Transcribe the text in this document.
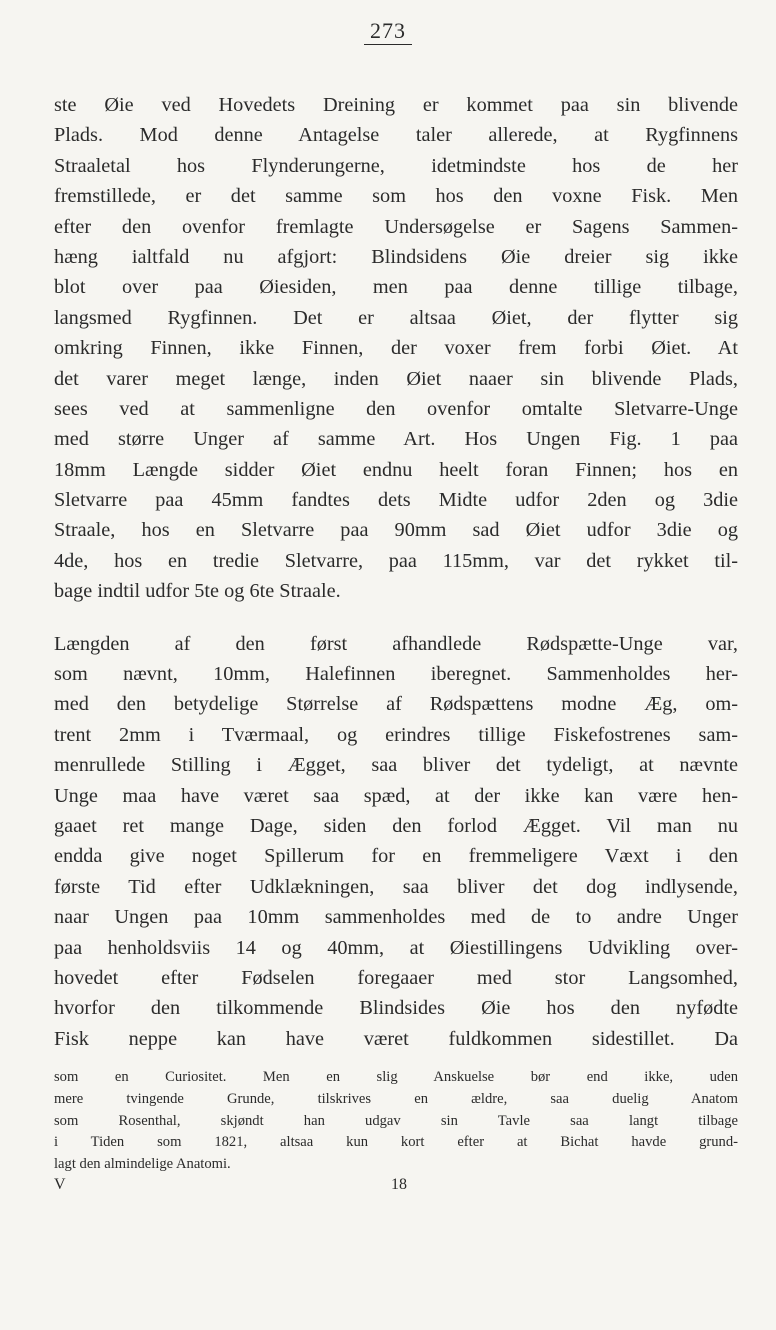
273
ste Øie ved Hovedets Dreining er kommet paa sin blivende
Plads. Mod denne Antagelse taler allerede, at Rygfinnens
Straaletal hos Flynderungerne, idetmindste hos de her
fremstillede, er det samme som hos den voxne Fisk. Men
efter den ovenfor fremlagte Undersøgelse er Sagens Sammen-
hæng ialtfald nu afgjort: Blindsidens Øie dreier sig ikke
blot over paa Øiesiden, men paa denne tillige tilbage,
langsmed Rygfinnen. Det er altsaa Øiet, der flytter sig
omkring Finnen, ikke Finnen, der voxer frem forbi Øiet. At
det varer meget længe, inden Øiet naaer sin blivende Plads,
sees ved at sammenligne den ovenfor omtalte Sletvarre-Unge
med større Unger af samme Art. Hos Ungen Fig. 1 paa
18mm Længde sidder Øiet endnu heelt foran Finnen; hos en
Sletvarre paa 45mm fandtes dets Midte udfor 2den og 3die
Straale, hos en Sletvarre paa 90mm sad Øiet udfor 3die og
4de, hos en tredie Sletvarre, paa 115mm, var det rykket til-
bage indtil udfor 5te og 6te Straale.
Længden af den først afhandlede Rødspætte-Unge var,
som nævnt, 10mm, Halefinnen iberegnet. Sammenholdes her-
med den betydelige Størrelse af Rødspættens modne Æg, om-
trent 2mm i Tværmaal, og erindres tillige Fiskefostrenes sam-
menrullede Stilling i Ægget, saa bliver det tydeligt, at nævnte
Unge maa have været saa spæd, at der ikke kan være hen-
gaaet ret mange Dage, siden den forlod Ægget. Vil man nu
endda give noget Spillerum for en fremmeligere Væxt i den
første Tid efter Udklækningen, saa bliver det dog indlysende,
naar Ungen paa 10mm sammenholdes med de to andre Unger
paa henholdsviis 14 og 40mm, at Øiestillingens Udvikling over-
hovedet efter Fødselen foregaaer med stor Langsomhed,
hvorfor den tilkommende Blindsides Øie hos den nyfødte
Fisk neppe kan have været fuldkommen sidestillet. Da
som en Curiositet. Men en slig Anskuelse bør end ikke, uden
mere tvingende Grunde, tilskrives en ældre, saa duelig Anatom
som Rosenthal, skjøndt han udgav sin Tavle saa langt tilbage
i Tiden som 1821, altsaa kun kort efter at Bichat havde grund-
lagt den almindelige Anatomi.
V	18
